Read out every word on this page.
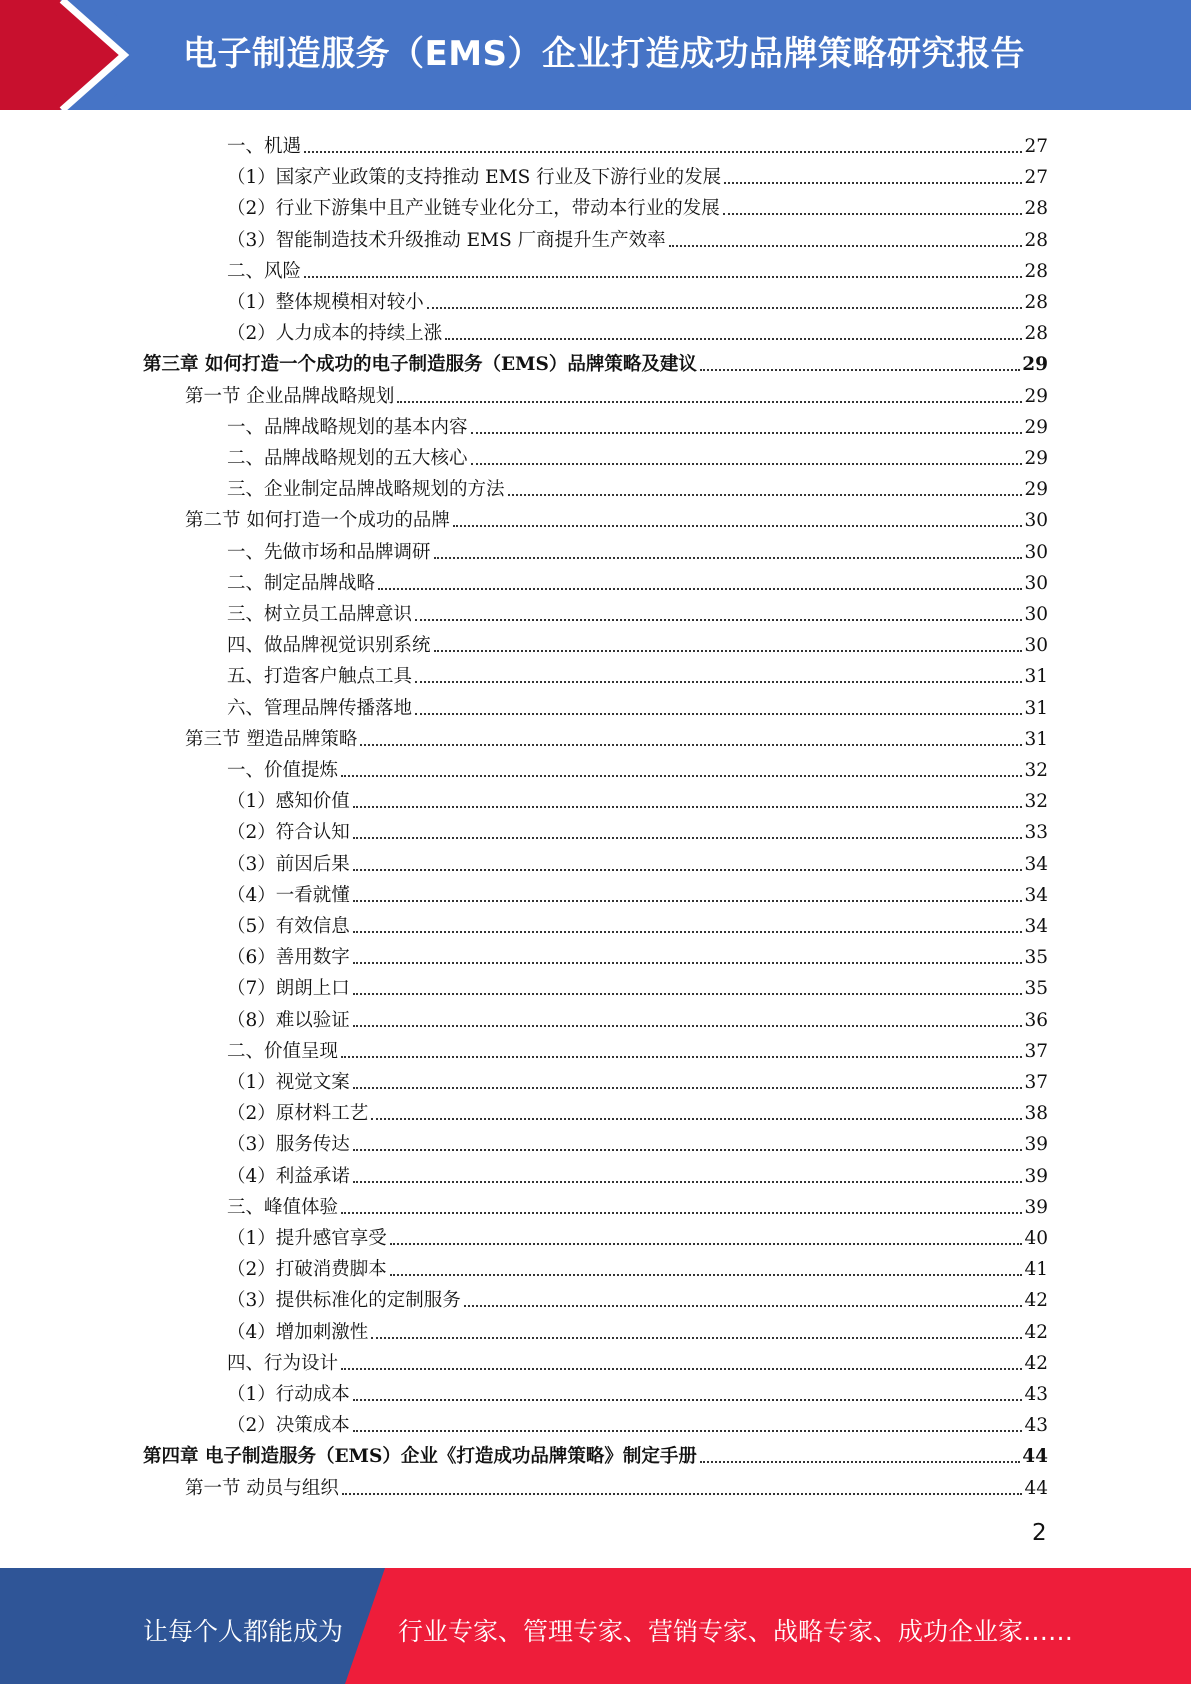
电子制造服务（EMS）企业打造成功品牌策略研究报告
一、机遇	27
（1）国家产业政策的支持推动 EMS 行业及下游行业的发展	27
（2）行业下游集中且产业链专业化分工，带动本行业的发展	28
（3）智能制造技术升级推动 EMS 厂商提升生产效率	28
二、风险	28
（1）整体规模相对较小	28
（2）人力成本的持续上涨	28
第三章 如何打造一个成功的电子制造服务（EMS）品牌策略及建议	29
第一节 企业品牌战略规划	29
一、品牌战略规划的基本内容	29
二、品牌战略规划的五大核心	29
三、企业制定品牌战略规划的方法	29
第二节 如何打造一个成功的品牌	30
一、先做市场和品牌调研	30
二、制定品牌战略	30
三、树立员工品牌意识	30
四、做品牌视觉识别系统	30
五、打造客户触点工具	31
六、管理品牌传播落地	31
第三节 塑造品牌策略	31
一、价值提炼	32
（1）感知价值	32
（2）符合认知	33
（3）前因后果	34
（4）一看就懂	34
（5）有效信息	34
（6）善用数字	35
（7）朗朗上口	35
（8）难以验证	36
二、价值呈现	37
（1）视觉文案	37
（2）原材料工艺	38
（3）服务传达	39
（4）利益承诺	39
三、峰值体验	39
（1）提升感官享受	40
（2）打破消费脚本	41
（3）提供标准化的定制服务	42
（4）增加刺激性	42
四、行为设计	42
（1）行动成本	43
（2）决策成本	43
第四章 电子制造服务（EMS）企业《打造成功品牌策略》制定手册	44
第一节 动员与组织	44
2
让每个人都能成为 行业专家、管理专家、营销专家、战略专家、成功企业家……
